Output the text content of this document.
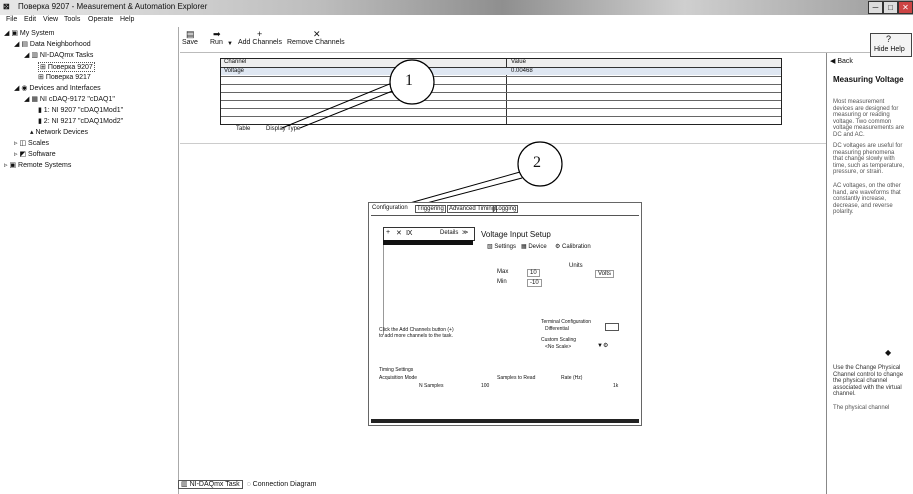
⊠ Поверка 9207 - Measurement & Automation Explorer	─	□	✕
File Edit View Tools Operate Help
◢ ▣ My System
◢ ▤ Data Neighborhood
◢ ▥ NI-DAQmx Tasks
⊞ Поверка 9207
⊞ Поверка 9217
◢ ◉ Devices and Interfaces
◢ ▦ NI cDAQ-9172 "cDAQ1"
▮ 1: NI 9207 "cDAQ1Mod1"
▮ 2: NI 9217 "cDAQ1Mod2"
▴ Network Devices
▹ ◫ Scales
▹ ◩ Software
▹ ▣ Remote Systems
▤
Save
➡
Run ▼
+
Add Channels
✕
Remove Channels	?
Hide Help
Channel	Value
Voltage	0.00468
Table	Display Type
1
2
Configuration	Triggering Advanced Timing Logging
+ ✕ Ⅸ	Details ≫ Voltage Input Setup
▧ Settings ▦ Device ⚙ Calibration
Max
Min
10
-10
Units
Volts
Click the Add Channels button (+) to add more channels to the task.
Terminal Configuration
Differential
Custom Scaling
<No Scale>	▼⚙
Timing Settings
Acquisition Mode
N Samples
Samples to Read	Rate (Hz)
100	1k
◀ Back
Measuring Voltage
Most measurement devices are designed for measuring or reading voltage. Two common voltage measurements are DC and AC.
DC voltages are useful for measuring phenomena that change slowly with time, such as temperature, pressure, or strain.
AC voltages, on the other hand, are waveforms that constantly increase, decrease, and reverse polarity.
◆
Use the Change Physical Channel control to change the physical channel associated with the virtual channel.
The physical channel
▥ NI-DAQmx Task ◌ Connection Diagram
